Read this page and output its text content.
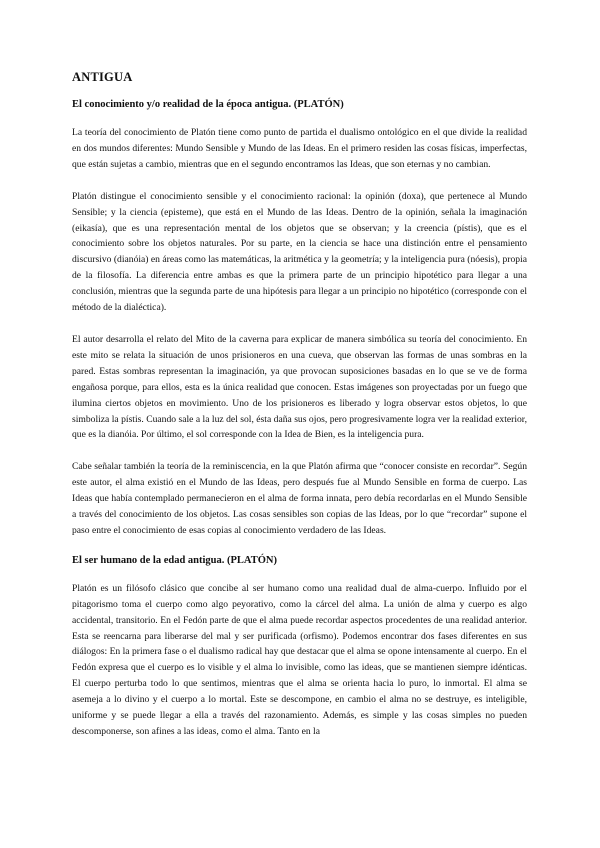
ANTIGUA
El conocimiento y/o realidad de la época antigua. (PLATÓN)

La teoría del conocimiento de Platón tiene como punto de partida el dualismo ontológico en el que divide la realidad en dos mundos diferentes: Mundo Sensible y Mundo de las Ideas. En el primero residen las cosas físicas, imperfectas, que están sujetas a cambio, mientras que en el segundo encontramos las Ideas, que son eternas y no cambian.

Platón distingue el conocimiento sensible y el conocimiento racional: la opinión (doxa), que pertenece al Mundo Sensible; y la ciencia (episteme), que está en el Mundo de las Ideas. Dentro de la opinión, señala la imaginación (eikasía), que es una representación mental de los objetos que se observan; y la creencia (pístis), que es el conocimiento sobre los objetos naturales. Por su parte, en la ciencia se hace una distinción entre el pensamiento discursivo (dianóia) en áreas como las matemáticas, la aritmética y la geometría; y la inteligencia pura (nóesis), propia de la filosofía. La diferencia entre ambas es que la primera parte de un principio hipotético para llegar a una conclusión, mientras que la segunda parte de una hipótesis para llegar a un principio no hipotético (corresponde con el método de la dialéctica).

El autor desarrolla el relato del Mito de la caverna para explicar de manera simbólica su teoría del conocimiento. En este mito se relata la situación de unos prisioneros en una cueva, que observan las formas de unas sombras en la pared. Estas sombras representan la imaginación, ya que provocan suposiciones basadas en lo que se ve de forma engañosa porque, para ellos, esta es la única realidad que conocen. Estas imágenes son proyectadas por un fuego que ilumina ciertos objetos en movimiento. Uno de los prisioneros es liberado y logra observar estos objetos, lo que simboliza la pístis. Cuando sale a la luz del sol, ésta daña sus ojos, pero progresivamente logra ver la realidad exterior, que es la dianóia. Por último, el sol corresponde con la Idea de Bien, es la inteligencia pura.

Cabe señalar también la teoría de la reminiscencia, en la que Platón afirma que “conocer consiste en recordar”. Según este autor, el alma existió en el Mundo de las Ideas, pero después fue al Mundo Sensible en forma de cuerpo. Las Ideas que había contemplado permanecieron en el alma de forma innata, pero debía recordarlas en el Mundo Sensible a través del conocimiento de los objetos. Las cosas sensibles son copias de las Ideas, por lo que “recordar” supone el paso entre el conocimiento de esas copias al conocimiento verdadero de las Ideas.

El ser humano de la edad antigua. (PLATÓN)

Platón es un filósofo clásico que concibe al ser humano como una realidad dual de alma-cuerpo. Influido por el pitagorismo toma el cuerpo como algo peyorativo, como la cárcel del alma. La unión de alma y cuerpo es algo accidental, transitorio. En el Fedón parte de que el alma puede recordar aspectos procedentes de una realidad anterior. Esta se reencarna para liberarse del mal y ser purificada (orfismo). Podemos encontrar dos fases diferentes en sus diálogos: En la primera fase o el dualismo radical hay que destacar que el alma se opone intensamente al cuerpo. En el Fedón expresa que el cuerpo es lo visible y el alma lo invisible, como las ideas, que se mantienen siempre idénticas. El cuerpo perturba todo lo que sentimos, mientras que el alma se orienta hacia lo puro, lo inmortal. El alma se asemeja a lo divino y el cuerpo a lo mortal. Este se descompone, en cambio el alma no se destruye, es inteligible, uniforme y se puede llegar a ella a través del razonamiento. Además, es simple y las cosas simples no pueden descomponerse, son afines a las ideas, como el alma. Tanto en la
